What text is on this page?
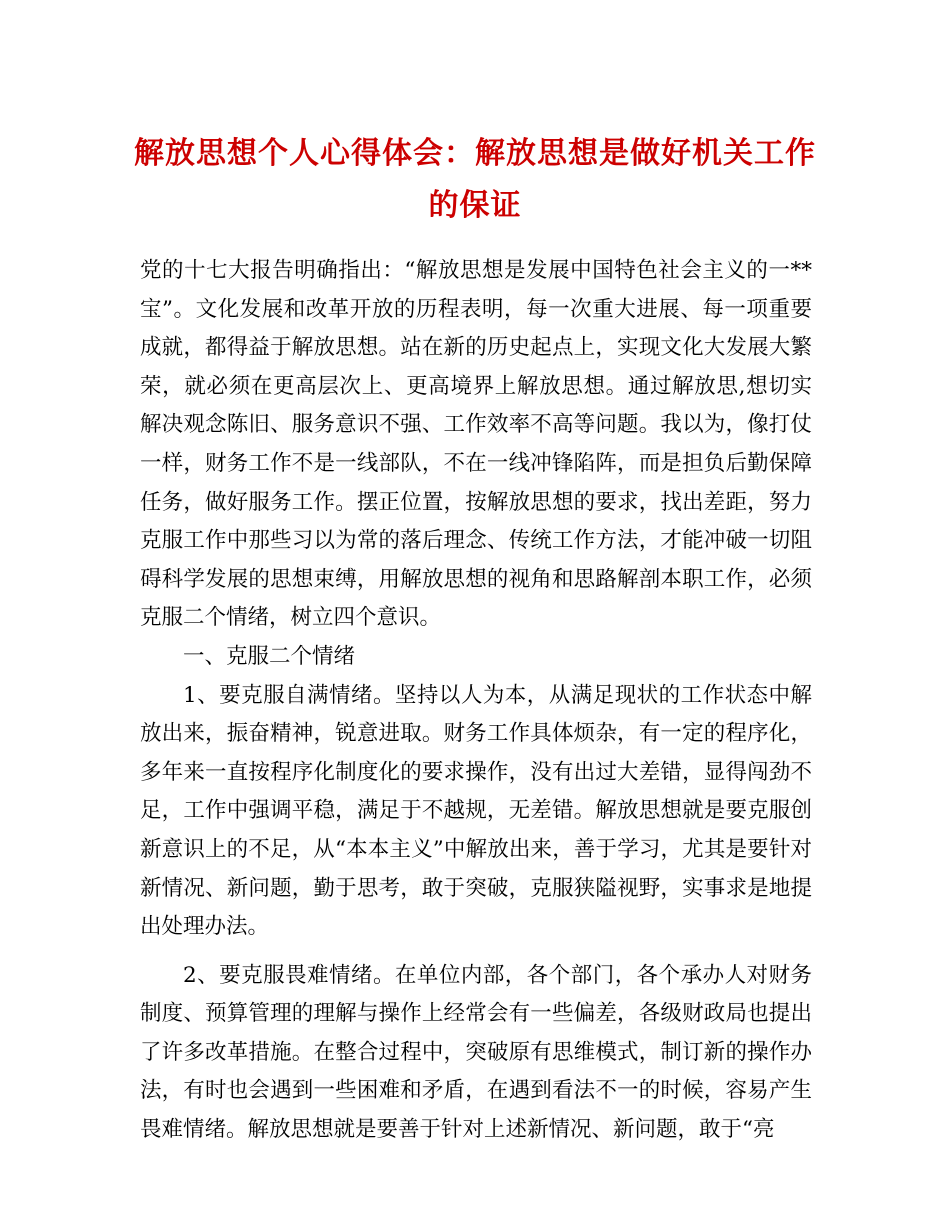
解放思想个人心得体会：解放思想是做好机关工作的保证

党的十七大报告明确指出：“解放思想是发展中国特色社会主义的一**宝”。文化发展和改革开放的历程表明，每一次重大进展、每一项重要成就，都得益于解放思想。站在新的历史起点上，实现文化大发展大繁荣，就必须在更高层次上、更高境界上解放思想。通过解放思,想切实解决观念陈旧、服务意识不强、工作效率不高等问题。我以为，像打仗一样，财务工作不是一线部队，不在一线冲锋陷阵，而是担负后勤保障任务，做好服务工作。摆正位置，按解放思想的要求，找出差距，努力克服工作中那些习以为常的落后理念、传统工作方法，才能冲破一切阻碍科学发展的思想束缚，用解放思想的视角和思路解剖本职工作，必须克服二个情绪，树立四个意识。

一、克服二个情绪

1、要克服自满情绪。坚持以人为本，从满足现状的工作状态中解放出来，振奋精神，锐意进取。财务工作具体烦杂，有一定的程序化，多年来一直按程序化制度化的要求操作，没有出过大差错，显得闯劲不足，工作中强调平稳，满足于不越规，无差错。解放思想就是要克服创新意识上的不足，从“本本主义”中解放出来，善于学习，尤其是要针对新情况、新问题，勤于思考，敢于突破，克服狭隘视野，实事求是地提出处理办法。

2、要克服畏难情绪。在单位内部，各个部门，各个承办人对财务制度、预算管理的理解与操作上经常会有一些偏差，各级财政局也提出了许多改革措施。在整合过程中，突破原有思维模式，制订新的操作办法，有时也会遇到一些困难和矛盾，在遇到看法不一的时候，容易产生畏难情绪。解放思想就是要善于针对上述新情况、新问题，敢于“亮
